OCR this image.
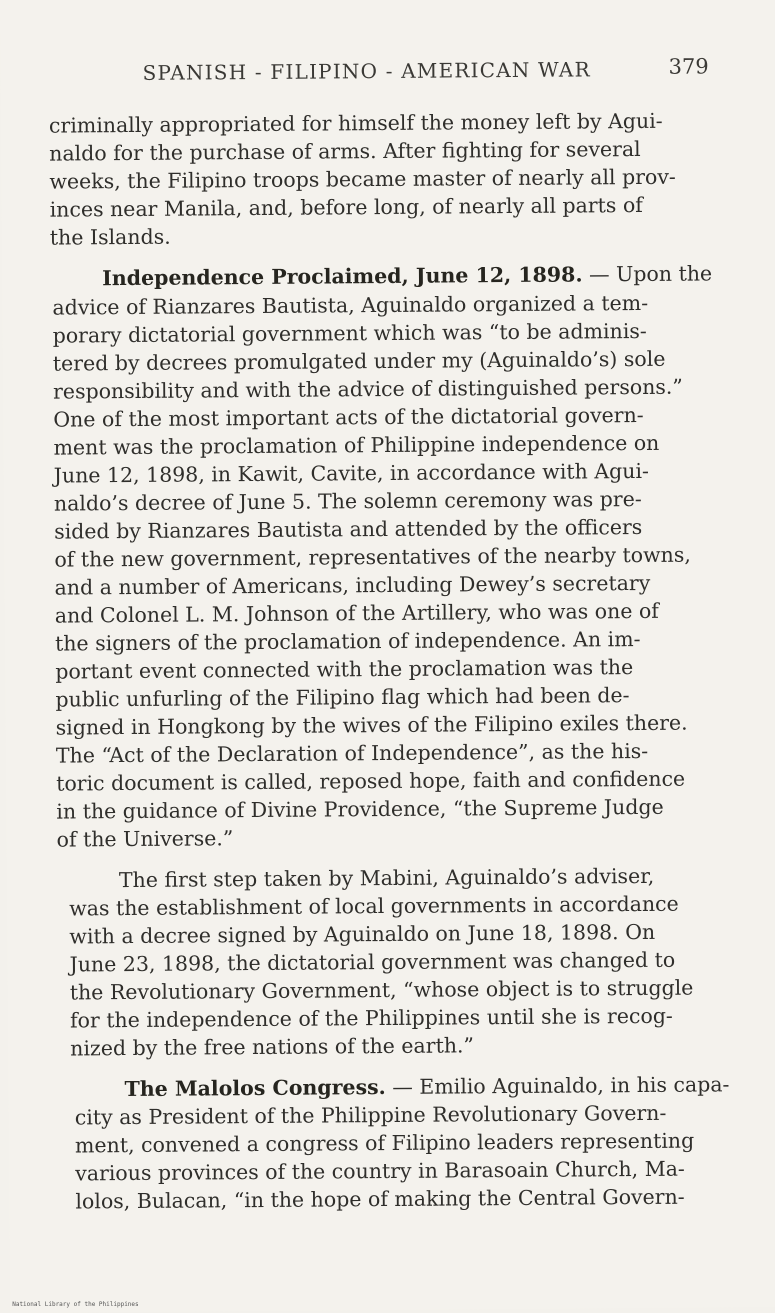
SPANISH - FILIPINO - AMERICAN WAR	379
criminally appropriated for himself the money left by Agui-
naldo for the purchase of arms. After fighting for several
weeks, the Filipino troops became master of nearly all prov-
inces near Manila, and, before long, of nearly all parts of
the Islands.
Independence Proclaimed, June 12, 1898. — Upon the
advice of Rianzares Bautista, Aguinaldo organized a tem-
porary dictatorial government which was “to be adminis-
tered by decrees promulgated under my (Aguinaldo’s) sole
responsibility and with the advice of distinguished persons.”
One of the most important acts of the dictatorial govern-
ment was the proclamation of Philippine independence on
June 12, 1898, in Kawit, Cavite, in accordance with Agui-
naldo’s decree of June 5. The solemn ceremony was pre-
sided by Rianzares Bautista and attended by the officers
of the new government, representatives of the nearby towns,
and a number of Americans, including Dewey’s secretary
and Colonel L. M. Johnson of the Artillery, who was one of
the signers of the proclamation of independence. An im-
portant event connected with the proclamation was the
public unfurling of the Filipino flag which had been de-
signed in Hongkong by the wives of the Filipino exiles there.
The “Act of the Declaration of Independence”, as the his-
toric document is called, reposed hope, faith and confidence
in the guidance of Divine Providence, “the Supreme Judge
of the Universe.”
The first step taken by Mabini, Aguinaldo’s adviser,
was the establishment of local governments in accordance
with a decree signed by Aguinaldo on June 18, 1898. On
June 23, 1898, the dictatorial government was changed to
the Revolutionary Government, “whose object is to struggle
for the independence of the Philippines until she is recog-
nized by the free nations of the earth.”
The Malolos Congress. — Emilio Aguinaldo, in his capa-
city as President of the Philippine Revolutionary Govern-
ment, convened a congress of Filipino leaders representing
various provinces of the country in Barasoain Church, Ma-
lolos, Bulacan, “in the hope of making the Central Govern-
National Library of the Philippines
